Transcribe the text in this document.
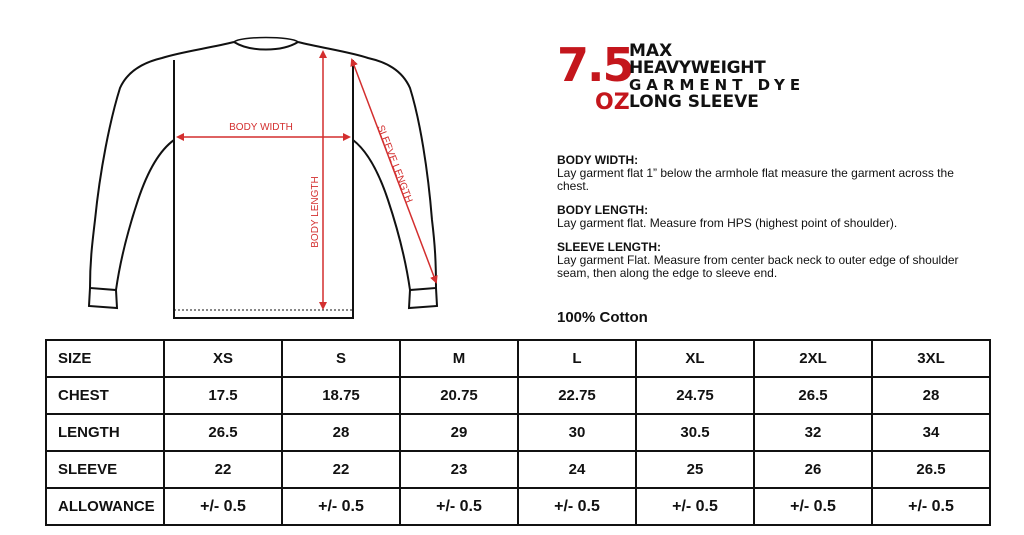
BODY WIDTH
BODY LENGTH
SLEEVE LENGTH
7.5
OZ
MAX
HEAVYWEIGHT
GARMENT DYE
LONG SLEEVE
BODY WIDTH:
Lay garment flat 1” below the armhole flat measure the garment across the chest.
BODY LENGTH:
Lay garment flat. Measure from HPS (highest point of shoulder).
SLEEVE LENGTH:
Lay garment Flat. Measure from center back neck to outer edge of shoulder seam, then along the edge to sleeve end.
100% Cotton
SIZE	XS	S	M	L	XL	2XL	3XL
CHEST	17.5	18.75	20.75	22.75	24.75	26.5	28
LENGTH	26.5	28	29	30	30.5	32	34
SLEEVE	22	22	23	24	25	26	26.5
ALLOWANCE	+/- 0.5	+/- 0.5	+/- 0.5	+/- 0.5	+/- 0.5	+/- 0.5	+/- 0.5
